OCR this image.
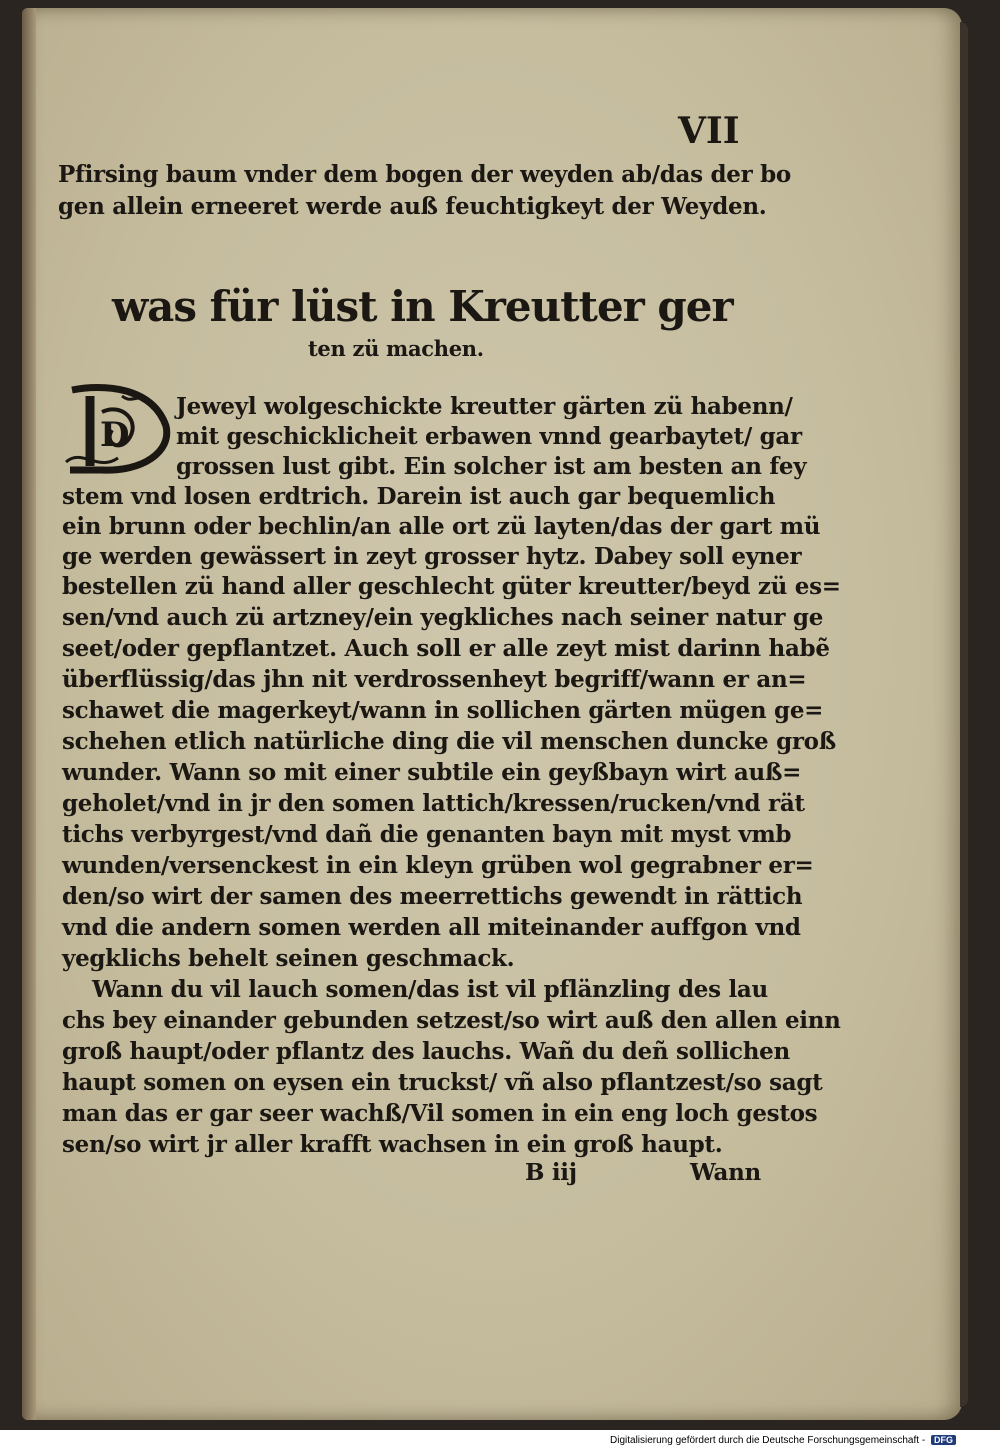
VII
Pfirsing baum vnder dem bogen der weyden ab/das der bo
gen allein erneeret werde auß feuchtigkeyt der Weyden.
was für lüst in Kreutter ger
ten zü machen.
D
Jeweyl wolgeschickte kreutter gärten zü habenn/
mit geschicklicheit erbawen vnnd gearbaytet/ gar
grossen lust gibt. Ein solcher ist am besten an fey
stem vnd losen erdtrich. Darein ist auch gar bequemlich
ein brunn oder bechlin/an alle ort zü layten/das der gart mü
ge werden gewässert in zeyt grosser hytz. Dabey soll eyner
bestellen zü hand aller geschlecht güter kreutter/beyd zü es=
sen/vnd auch zü artzney/ein yegkliches nach seiner natur ge
seet/oder gepflantzet. Auch soll er alle zeyt mist darinn habẽ
überflüssig/das jhn nit verdrossenheyt begriff/wann er an=
schawet die magerkeyt/wann in sollichen gärten mügen ge=
schehen etlich natürliche ding die vil menschen duncke groß
wunder. Wann so mit einer subtile ein geyßbayn wirt auß=
geholet/vnd in jr den somen lattich/kressen/rucken/vnd rät
tichs verbyrgest/vnd dañ die genanten bayn mit myst vmb
wunden/versenckest in ein kleyn grüben wol gegrabner er=
den/so wirt der samen des meerrettichs gewendt in rättich
vnd die andern somen werden all miteinander auffgon vnd
yegklichs behelt seinen geschmack.
Wann du vil lauch somen/das ist vil pflänzling des lau
chs bey einander gebunden setzest/so wirt auß den allen einn
groß haupt/oder pflantz des lauchs. Wañ du deñ sollichen
haupt somen on eysen ein truckst/ vñ also pflantzest/so sagt
man das er gar seer wachß/Vil somen in ein eng loch gestos
sen/so wirt jr aller krafft wachsen in ein groß haupt.
B iij	Wann
Digitalisierung gefördert durch die Deutsche Forschungsgemeinschaft - DFG
